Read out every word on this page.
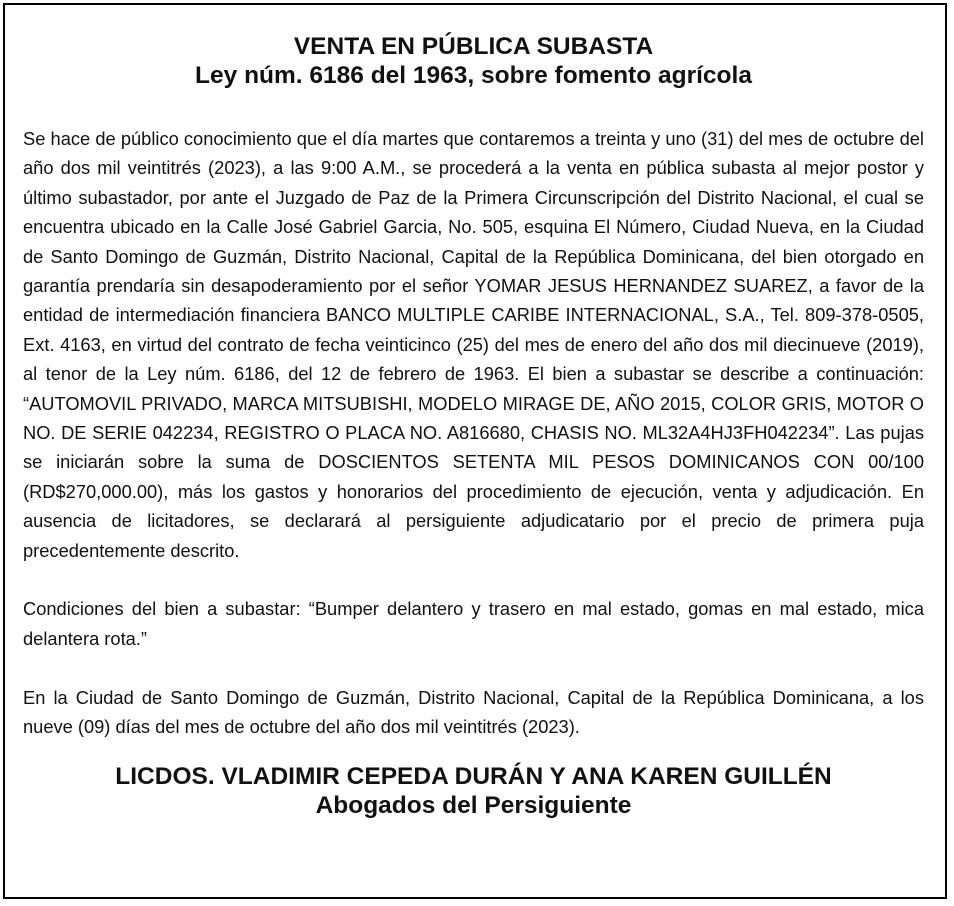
VENTA EN PÚBLICA SUBASTA
Ley núm. 6186 del 1963, sobre fomento agrícola

Se hace de público conocimiento que el día martes que contaremos a treinta y uno (31) del mes de octubre del año dos mil veintitrés (2023), a las 9:00 A.M., se procederá a la venta en pública subasta al mejor postor y último subastador, por ante el Juzgado de Paz de la Primera Circunscripción del Distrito Nacional, el cual se encuentra ubicado en la Calle José Gabriel Garcia, No. 505, esquina El Número, Ciudad Nueva, en la Ciudad de Santo Domingo de Guzmán, Distrito Nacional, Capital de la República Dominicana, del bien otorgado en garantía prendaría sin desapoderamiento por el señor YOMAR JESUS HERNANDEZ SUAREZ, a favor de la entidad de intermediación financiera BANCO MULTIPLE CARIBE INTERNACIONAL, S.A., Tel. 809-378-0505, Ext. 4163, en virtud del contrato de fecha veinticinco (25) del mes de enero del año dos mil diecinueve (2019), al tenor de la Ley núm. 6186, del 12 de febrero de 1963. El bien a subastar se describe a continuación: “AUTOMOVIL PRIVADO, MARCA MITSUBISHI, MODELO MIRAGE DE, AÑO 2015, COLOR GRIS, MOTOR O NO. DE SERIE 042234, REGISTRO O PLACA NO. A816680, CHASIS NO. ML32A4HJ3FH042234”. Las pujas se iniciarán sobre la suma de DOSCIENTOS SETENTA MIL PESOS DOMINICANOS CON 00/100 (RD$270,000.00), más los gastos y honorarios del procedimiento de ejecución, venta y adjudicación. En ausencia de licitadores, se declarará al persiguiente adjudicatario por el precio de primera puja precedentemente descrito.

Condiciones del bien a subastar: “Bumper delantero y trasero en mal estado, gomas en mal estado, mica delantera rota.”

En la Ciudad de Santo Domingo de Guzmán, Distrito Nacional, Capital de la República Dominicana, a los nueve (09) días del mes de octubre del año dos mil veintitrés (2023).

LICDOS. VLADIMIR CEPEDA DURÁN Y ANA KAREN GUILLÉN
Abogados del Persiguiente
